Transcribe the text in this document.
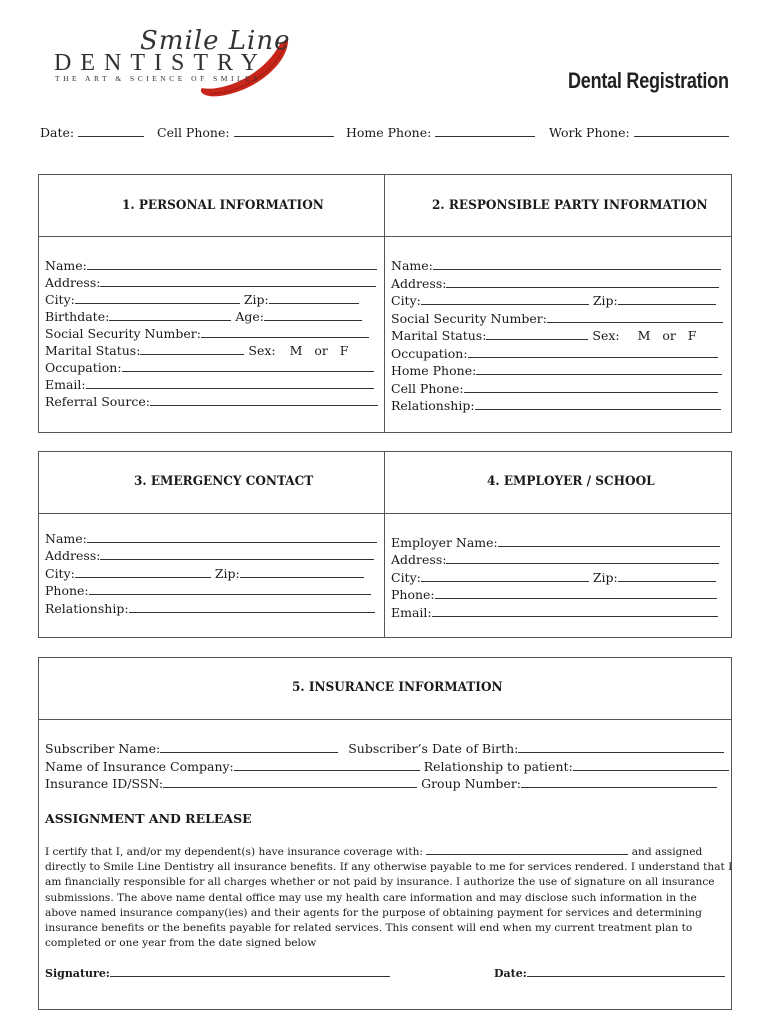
Smile Line
DENTISTRY
THE ART & SCIENCE OF SMILES	Dental Registration
Date:	Cell Phone:	Home Phone:	Work Phone:
1. PERSONAL INFORMATION	2. RESPONSIBLE PARTY INFORMATION
Name:
Address:
City:	Zip:
Birthdate:	Age:
Social Security Number:
Marital Status:	Sex: M   or   F
Occupation:
Email:
Referral Source:
Name:
Address:
City:	Zip:
Social Security Number:
Marital Status:	Sex: M   or   F
Occupation:
Home Phone:
Cell Phone:
Relationship:
3. EMERGENCY CONTACT	4. EMPLOYER / SCHOOL
Name:
Address:
City:	Zip:
Phone:
Relationship:
Employer Name:
Address:
City:	Zip:
Phone:
Email:
5. INSURANCE INFORMATION
Subscriber Name:	Subscriber’s Date of Birth:
Name of Insurance Company:	Relationship to patient:
Insurance ID/SSN:	Group Number:
ASSIGNMENT AND RELEASE
I certify that I, and/or my dependent(s) have insurance coverage with:	and assigned
directly to Smile Line Dentistry all insurance benefits. If any otherwise payable to me for services rendered. I understand that I
am financially responsible for all charges whether or not paid by insurance. I authorize the use of signature on all insurance
submissions. The above name dental office may use my health care information and may disclose such information in the
above named insurance company(ies) and their agents for the purpose of obtaining payment for services and determining
insurance benefits or the benefits payable for related services. This consent will end when my current treatment plan to
completed or one year from the date signed below
Signature:	Date:
